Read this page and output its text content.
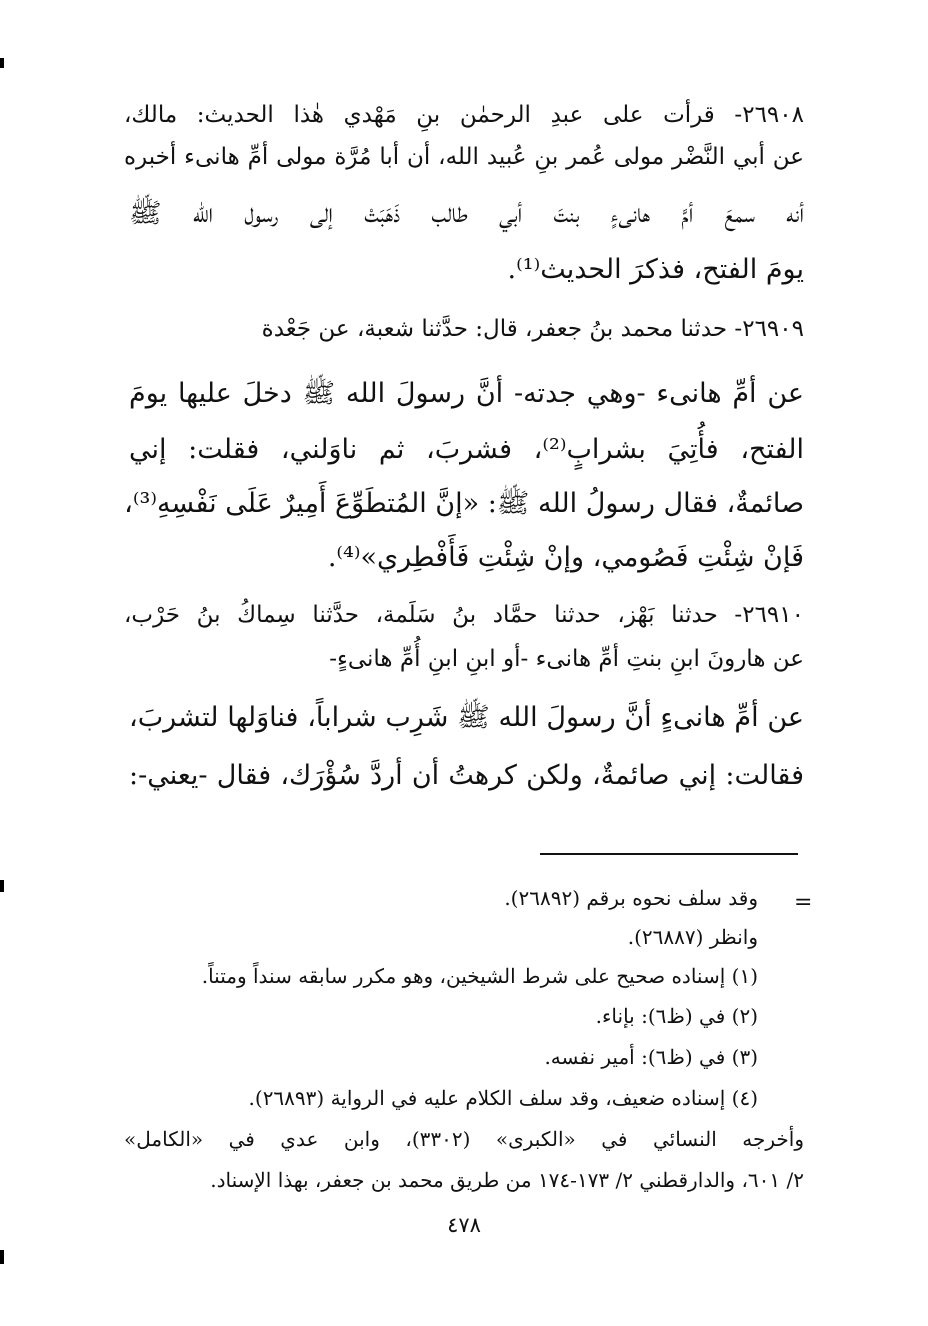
٢٦٩٠٨- قرأت على عبدِ الرحمٰن بنِ مَهْدي هٰذا الحديث: مالك،
عن أبي النَّضْر مولى عُمر بنِ عُبيد الله، أن أبا مُرَّة مولى أمِّ هانىء أخبره
أنه سمعَ أمَّ هانىءٍ بنتَ أبي طالب ذَهَبَتْ إلى رسول الله ﷺ
يومَ الفتح، فذكرَ الحديث⁽¹⁾.
٢٦٩٠٩- حدثنا محمد بنُ جعفر، قال: حدَّثنا شعبة، عن جَعْدة
عن أمِّ هانىء -وهي جدته- أنَّ رسولَ الله ﷺ دخلَ عليها يومَ
الفتح، فأُتِيَ بشرابٍ⁽²⁾، فشربَ، ثم ناوَلني، فقلت: إني
صائمةٌ، فقال رسولُ الله ﷺ: «إنَّ المُتطَوِّعَ أَمِيرٌ عَلَى نَفْسِهِ⁽³⁾،
فَإنْ شِئْتِ فَصُومي، وإنْ شِئْتِ فَأَفْطِري»⁽⁴⁾.
٢٦٩١٠- حدثنا بَهْز، حدثنا حمَّاد بنُ سَلَمة، حدَّثنا سِماكُ بنُ حَرْب،
عن هارونَ ابنِ بنتِ أمِّ هانىء -أو ابنِ ابنِ أُمِّ هانىءٍ-
عن أمِّ هانىءٍ أنَّ رسولَ الله ﷺ شَرِب شراباً، فناوَلها لتشربَ،
فقالت: إني صائمةٌ، ولكن كرهتُ أن أردَّ سُؤْرَك، فقال -يعني-:
=
وقد سلف نحوه برقم (٢٦٨٩٢).
وانظر (٢٦٨٨٧).
(١) إسناده صحيح على شرط الشيخين، وهو مكرر سابقه سنداً ومتناً.
(٢) في (ظ٦): بإناء.
(٣) في (ظ٦): أمير نفسه.
(٤) إسناده ضعيف، وقد سلف الكلام عليه في الرواية (٢٦٨٩٣).
وأخرجه النسائي في «الكبرى» (٣٣٠٢)، وابن عدي في «الكامل»
٢/ ٦٠١، والدارقطني ٢/ ١٧٣-١٧٤ من طريق محمد بن جعفر، بهذا الإسناد.
٤٧٨
